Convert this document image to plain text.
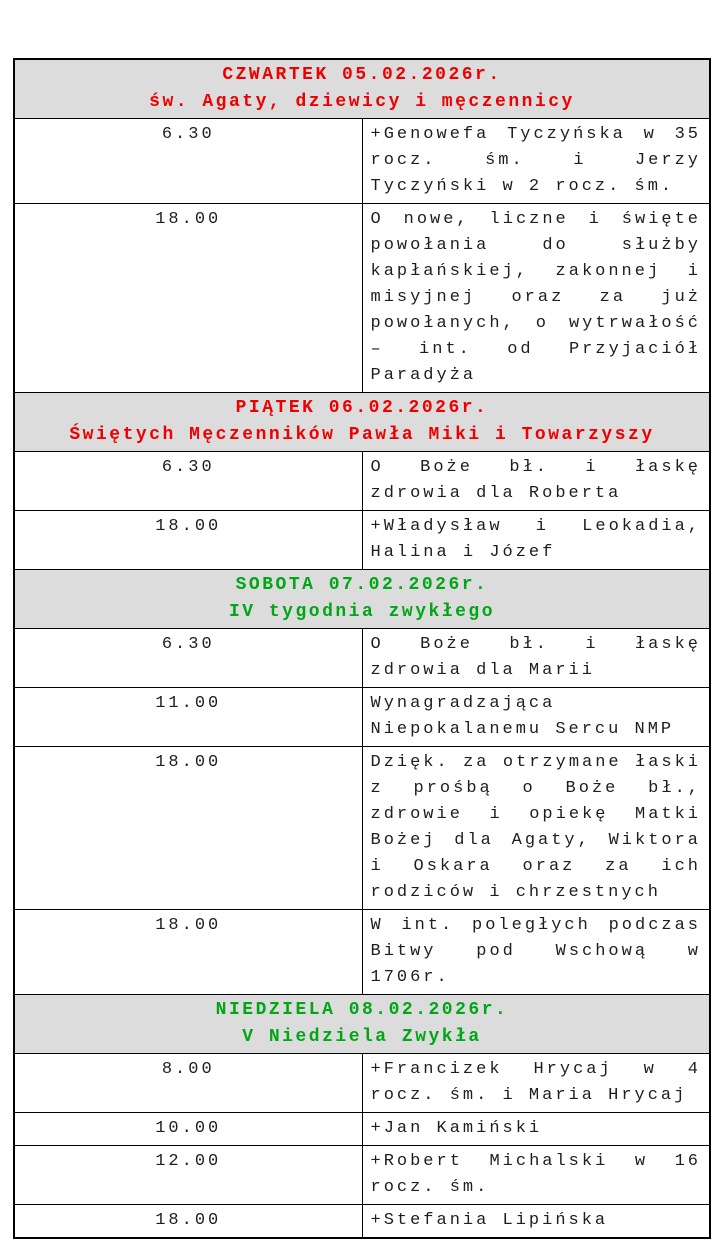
CZWARTEK 05.02.2026r.
św. Agaty, dziewicy i męczennicy	

6.30	+Genowefa Tyczyńska w 35 rocz. śm. i Jerzy Tyczyński w 2 rocz. śm.
18.00	O nowe, liczne i święte powołania do służby kapłańskiej, zakonnej i misyjnej oraz za już powołanych, o wytrwałość – int. od Przyjaciół Paradyża

PIĄTEK 06.02.2026r.
Świętych Męczenników Pawła Miki i Towarzyszy	

6.30	O Boże bł. i łaskę zdrowia dla Roberta
18.00	+Władysław i Leokadia, Halina i Józef

SOBOTA 07.02.2026r.
IV tygodnia zwykłego	

6.30	O Boże bł. i łaskę zdrowia dla Marii
11.00	Wynagradzająca Niepokalanemu Sercu NMP
18.00	Dzięk. za otrzymane łaski z prośbą o Boże bł., zdrowie i opiekę Matki Bożej dla Agaty, Wiktora i Oskara oraz za ich rodziców i chrzestnych
18.00	W int. poległych podczas Bitwy pod Wschową w 1706r.

NIEDZIELA 08.02.2026r.
V Niedziela Zwykła	

8.00	+Francizek Hrycaj w 4 rocz. śm. i Maria Hrycaj
10.00	+Jan Kamiński
12.00	+Robert Michalski w 16 rocz. śm.
18.00	+Stefania Lipińska
